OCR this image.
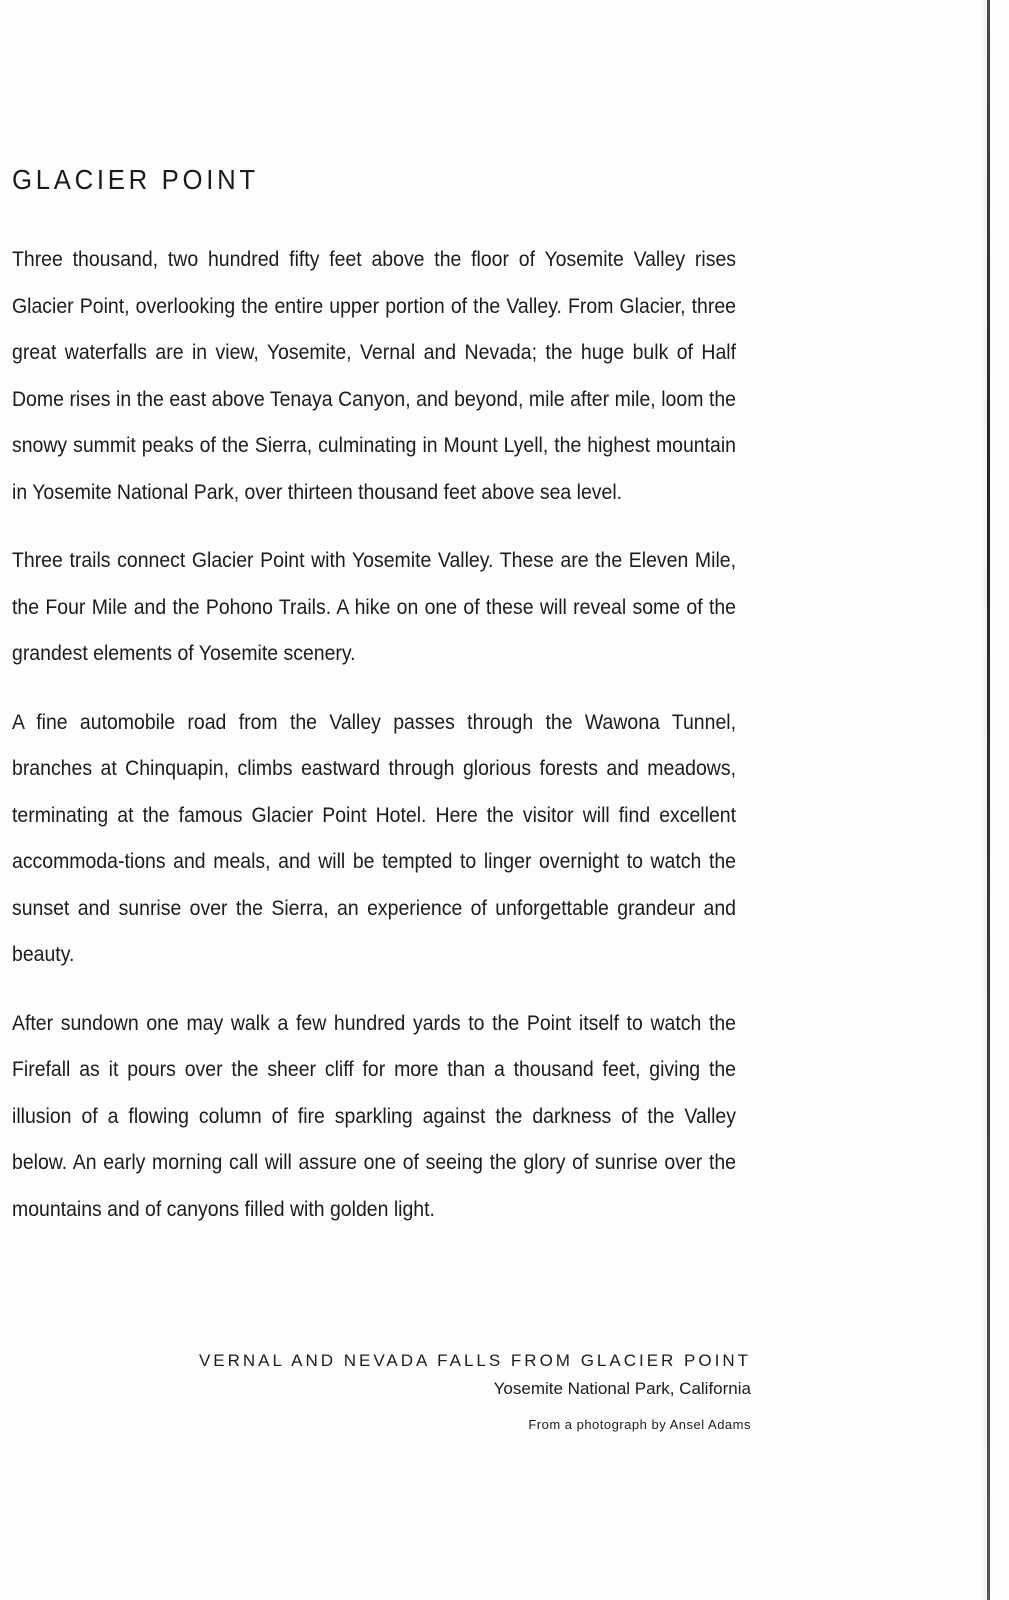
GLACIER POINT

Three thousand, two hundred fifty feet above the floor of Yosemite Valley rises Glacier Point, overlooking the entire upper portion of the Valley. From Glacier, three great waterfalls are in view, Yosemite, Vernal and Nevada; the huge bulk of Half Dome rises in the east above Tenaya Canyon, and beyond, mile after mile, loom the snowy summit peaks of the Sierra, culminating in Mount Lyell, the highest mountain in Yosemite National Park, over thirteen thousand feet above sea level.

Three trails connect Glacier Point with Yosemite Valley. These are the Eleven Mile, the Four Mile and the Pohono Trails. A hike on one of these will reveal some of the grandest elements of Yosemite scenery.

A fine automobile road from the Valley passes through the Wawona Tunnel, branches at Chinquapin, climbs eastward through glorious forests and meadows, terminating at the famous Glacier Point Hotel. Here the visitor will find excellent accommoda-tions and meals, and will be tempted to linger overnight to watch the sunset and sunrise over the Sierra, an experience of unforgettable grandeur and beauty.

After sundown one may walk a few hundred yards to the Point itself to watch the Firefall as it pours over the sheer cliff for more than a thousand feet, giving the illusion of a flowing column of fire sparkling against the darkness of the Valley below. An early morning call will assure one of seeing the glory of sunrise over the mountains and of canyons filled with golden light.

VERNAL AND NEVADA FALLS FROM GLACIER POINT
Yosemite National Park, California
From a photograph by Ansel Adams
